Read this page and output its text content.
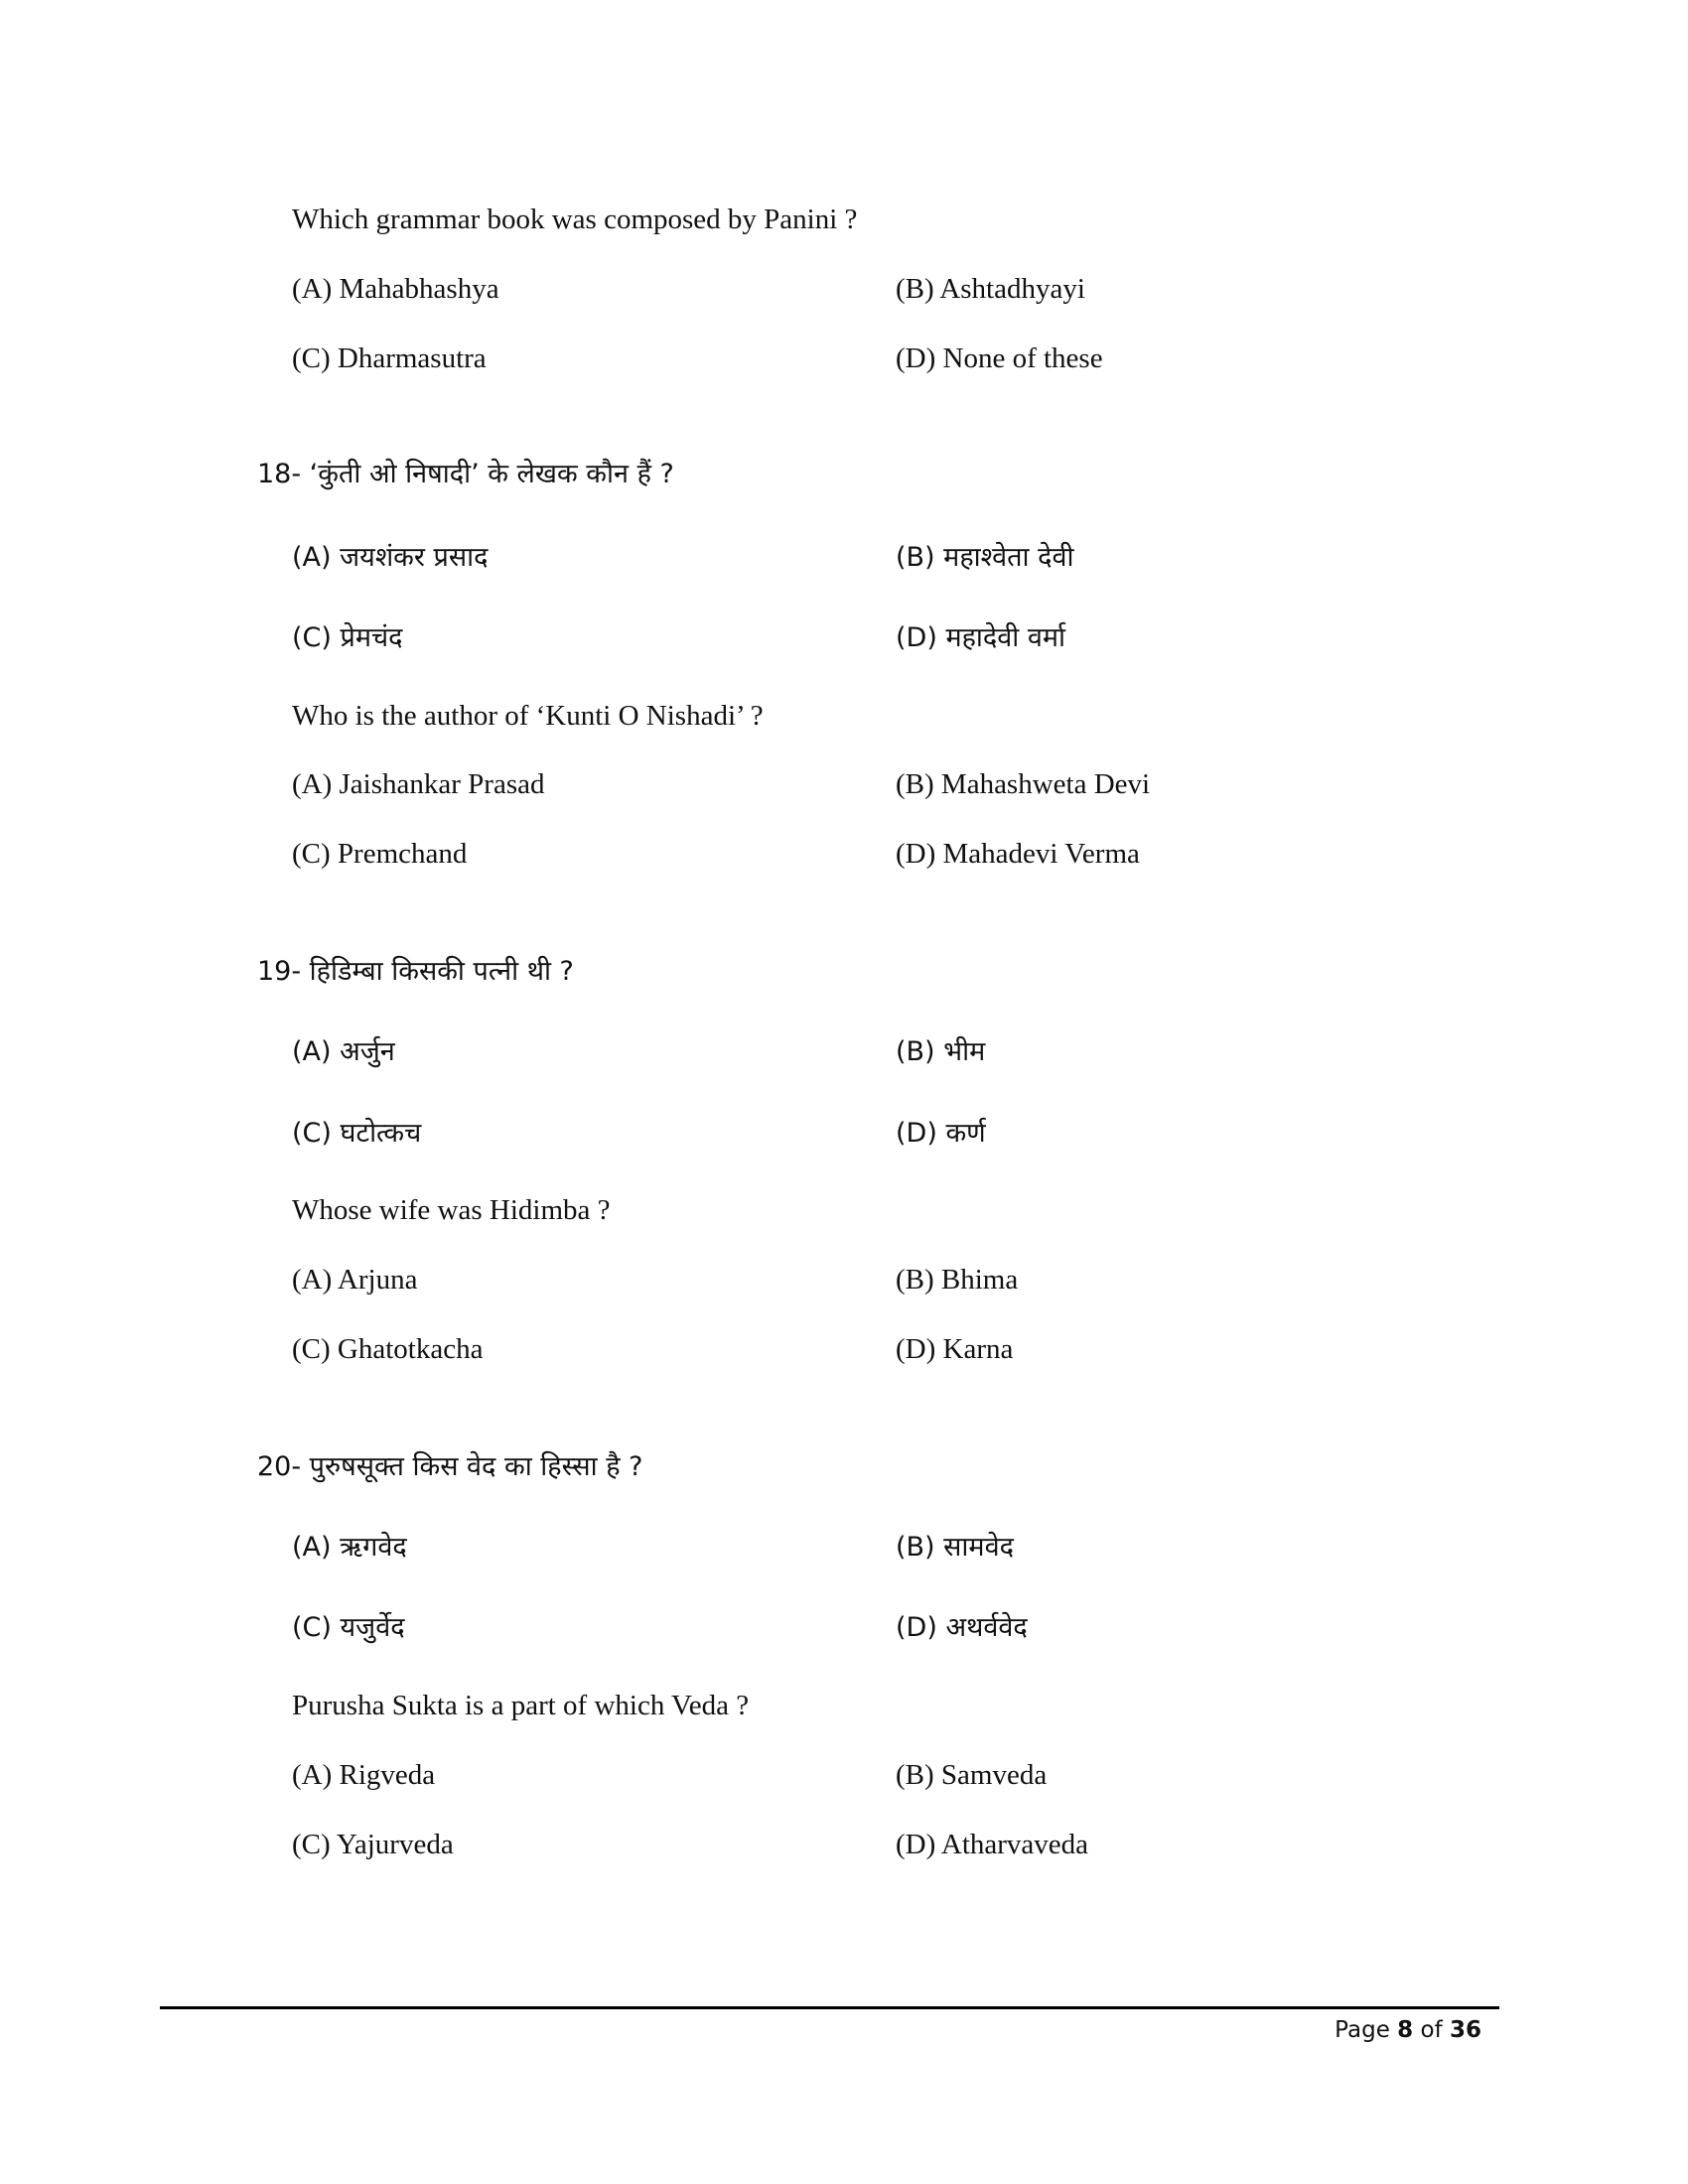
Which grammar book was composed by Panini ?
(A) Mahabhashya	(B) Ashtadhyayi
(C) Dharmasutra	(D) None of these
18- ‘कुंती ओ निषादी’ के लेखक कौन हैं ?
(A) जयशंकर प्रसाद	(B) महाश्वेता देवी
(C) प्रेमचंद	(D) महादेवी वर्मा
Who is the author of ‘Kunti O Nishadi’ ?
(A) Jaishankar Prasad	(B) Mahashweta Devi
(C) Premchand	(D) Mahadevi Verma
19- हिडिम्बा किसकी पत्नी थी ?
(A) अर्जुन	(B) भीम
(C) घटोत्कच	(D) कर्ण
Whose wife was Hidimba ?
(A) Arjuna	(B) Bhima
(C) Ghatotkacha	(D) Karna
20- पुरुषसूक्त किस वेद का हिस्सा है ?
(A) ऋगवेद	(B) सामवेद
(C) यजुर्वेद	(D) अथर्ववेद
Purusha Sukta is a part of which Veda ?
(A) Rigveda	(B) Samveda
(C) Yajurveda	(D) Atharvaveda
Page 8 of 36
